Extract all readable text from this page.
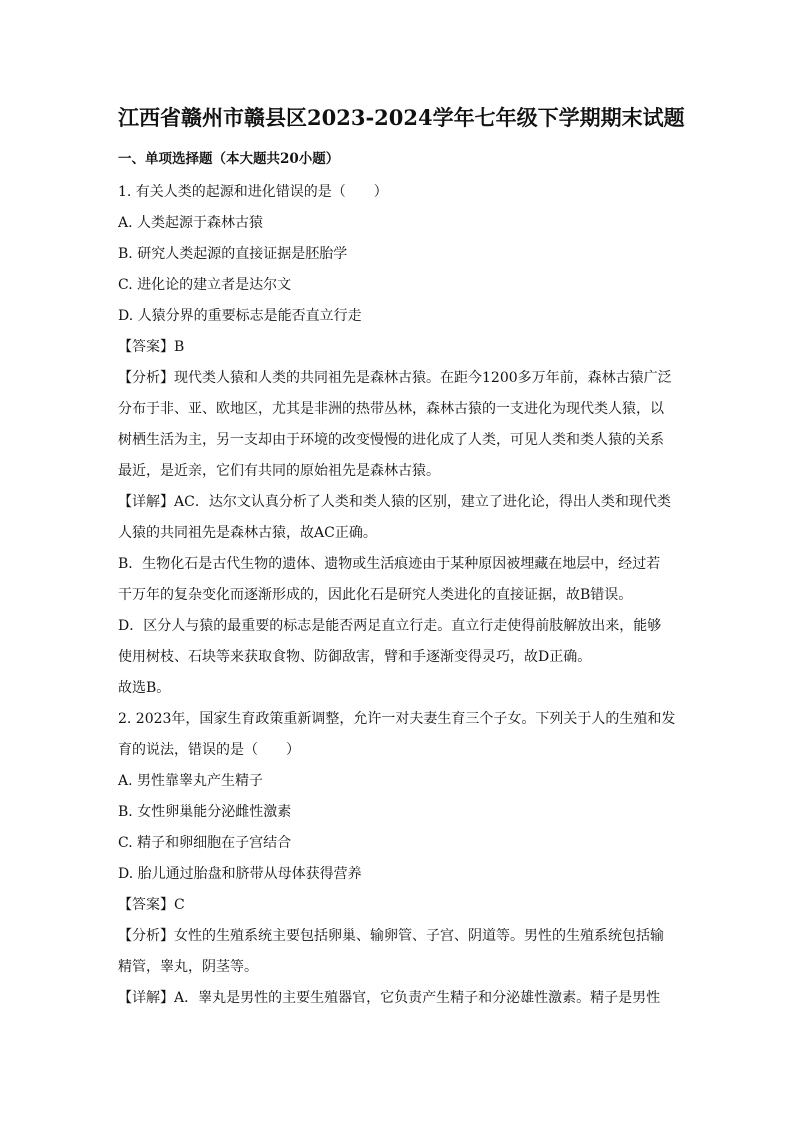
江西省赣州市赣县区2023-2024学年七年级下学期期末试题
一、单项选择题（本大题共20小题）

1. 有关人类的起源和进化错误的是（　　）

A. 人类起源于森林古猿

B. 研究人类起源的直接证据是胚胎学

C. 进化论的建立者是达尔文

D. 人猿分界的重要标志是能否直立行走

【答案】B

【分析】现代类人猿和人类的共同祖先是森林古猿。在距今1200多万年前，森林古猿广泛

分布于非、亚、欧地区，尤其是非洲的热带丛林，森林古猿的一支进化为现代类人猿，以

树栖生活为主，另一支却由于环境的改变慢慢的进化成了人类，可见人类和类人猿的关系

最近，是近亲，它们有共同的原始祖先是森林古猿。

【详解】AC．达尔文认真分析了人类和类人猿的区别，建立了进化论，得出人类和现代类

人猿的共同祖先是森林古猿，故AC正确。

B．生物化石是古代生物的遗体、遗物或生活痕迹由于某种原因被埋藏在地层中，经过若

干万年的复杂变化而逐渐形成的，因此化石是研究人类进化的直接证据，故B错误。

D．区分人与猿的最重要的标志是能否两足直立行走。直立行走使得前肢解放出来，能够

使用树枝、石块等来获取食物、防御敌害，臂和手逐渐变得灵巧，故D正确。

故选B。

2. 2023年，国家生育政策重新调整，允许一对夫妻生育三个子女。下列关于人的生殖和发

育的说法，错误的是（　　）

A. 男性靠睾丸产生精子

B. 女性卵巢能分泌雌性激素

C. 精子和卵细胞在子宫结合

D. 胎儿通过胎盘和脐带从母体获得营养

【答案】C

【分析】女性的生殖系统主要包括卵巢、输卵管、子宫、阴道等。男性的生殖系统包括输

精管，睾丸，阴茎等。

【详解】A．睾丸是男性的主要生殖器官，它负责产生精子和分泌雄性激素。精子是男性
